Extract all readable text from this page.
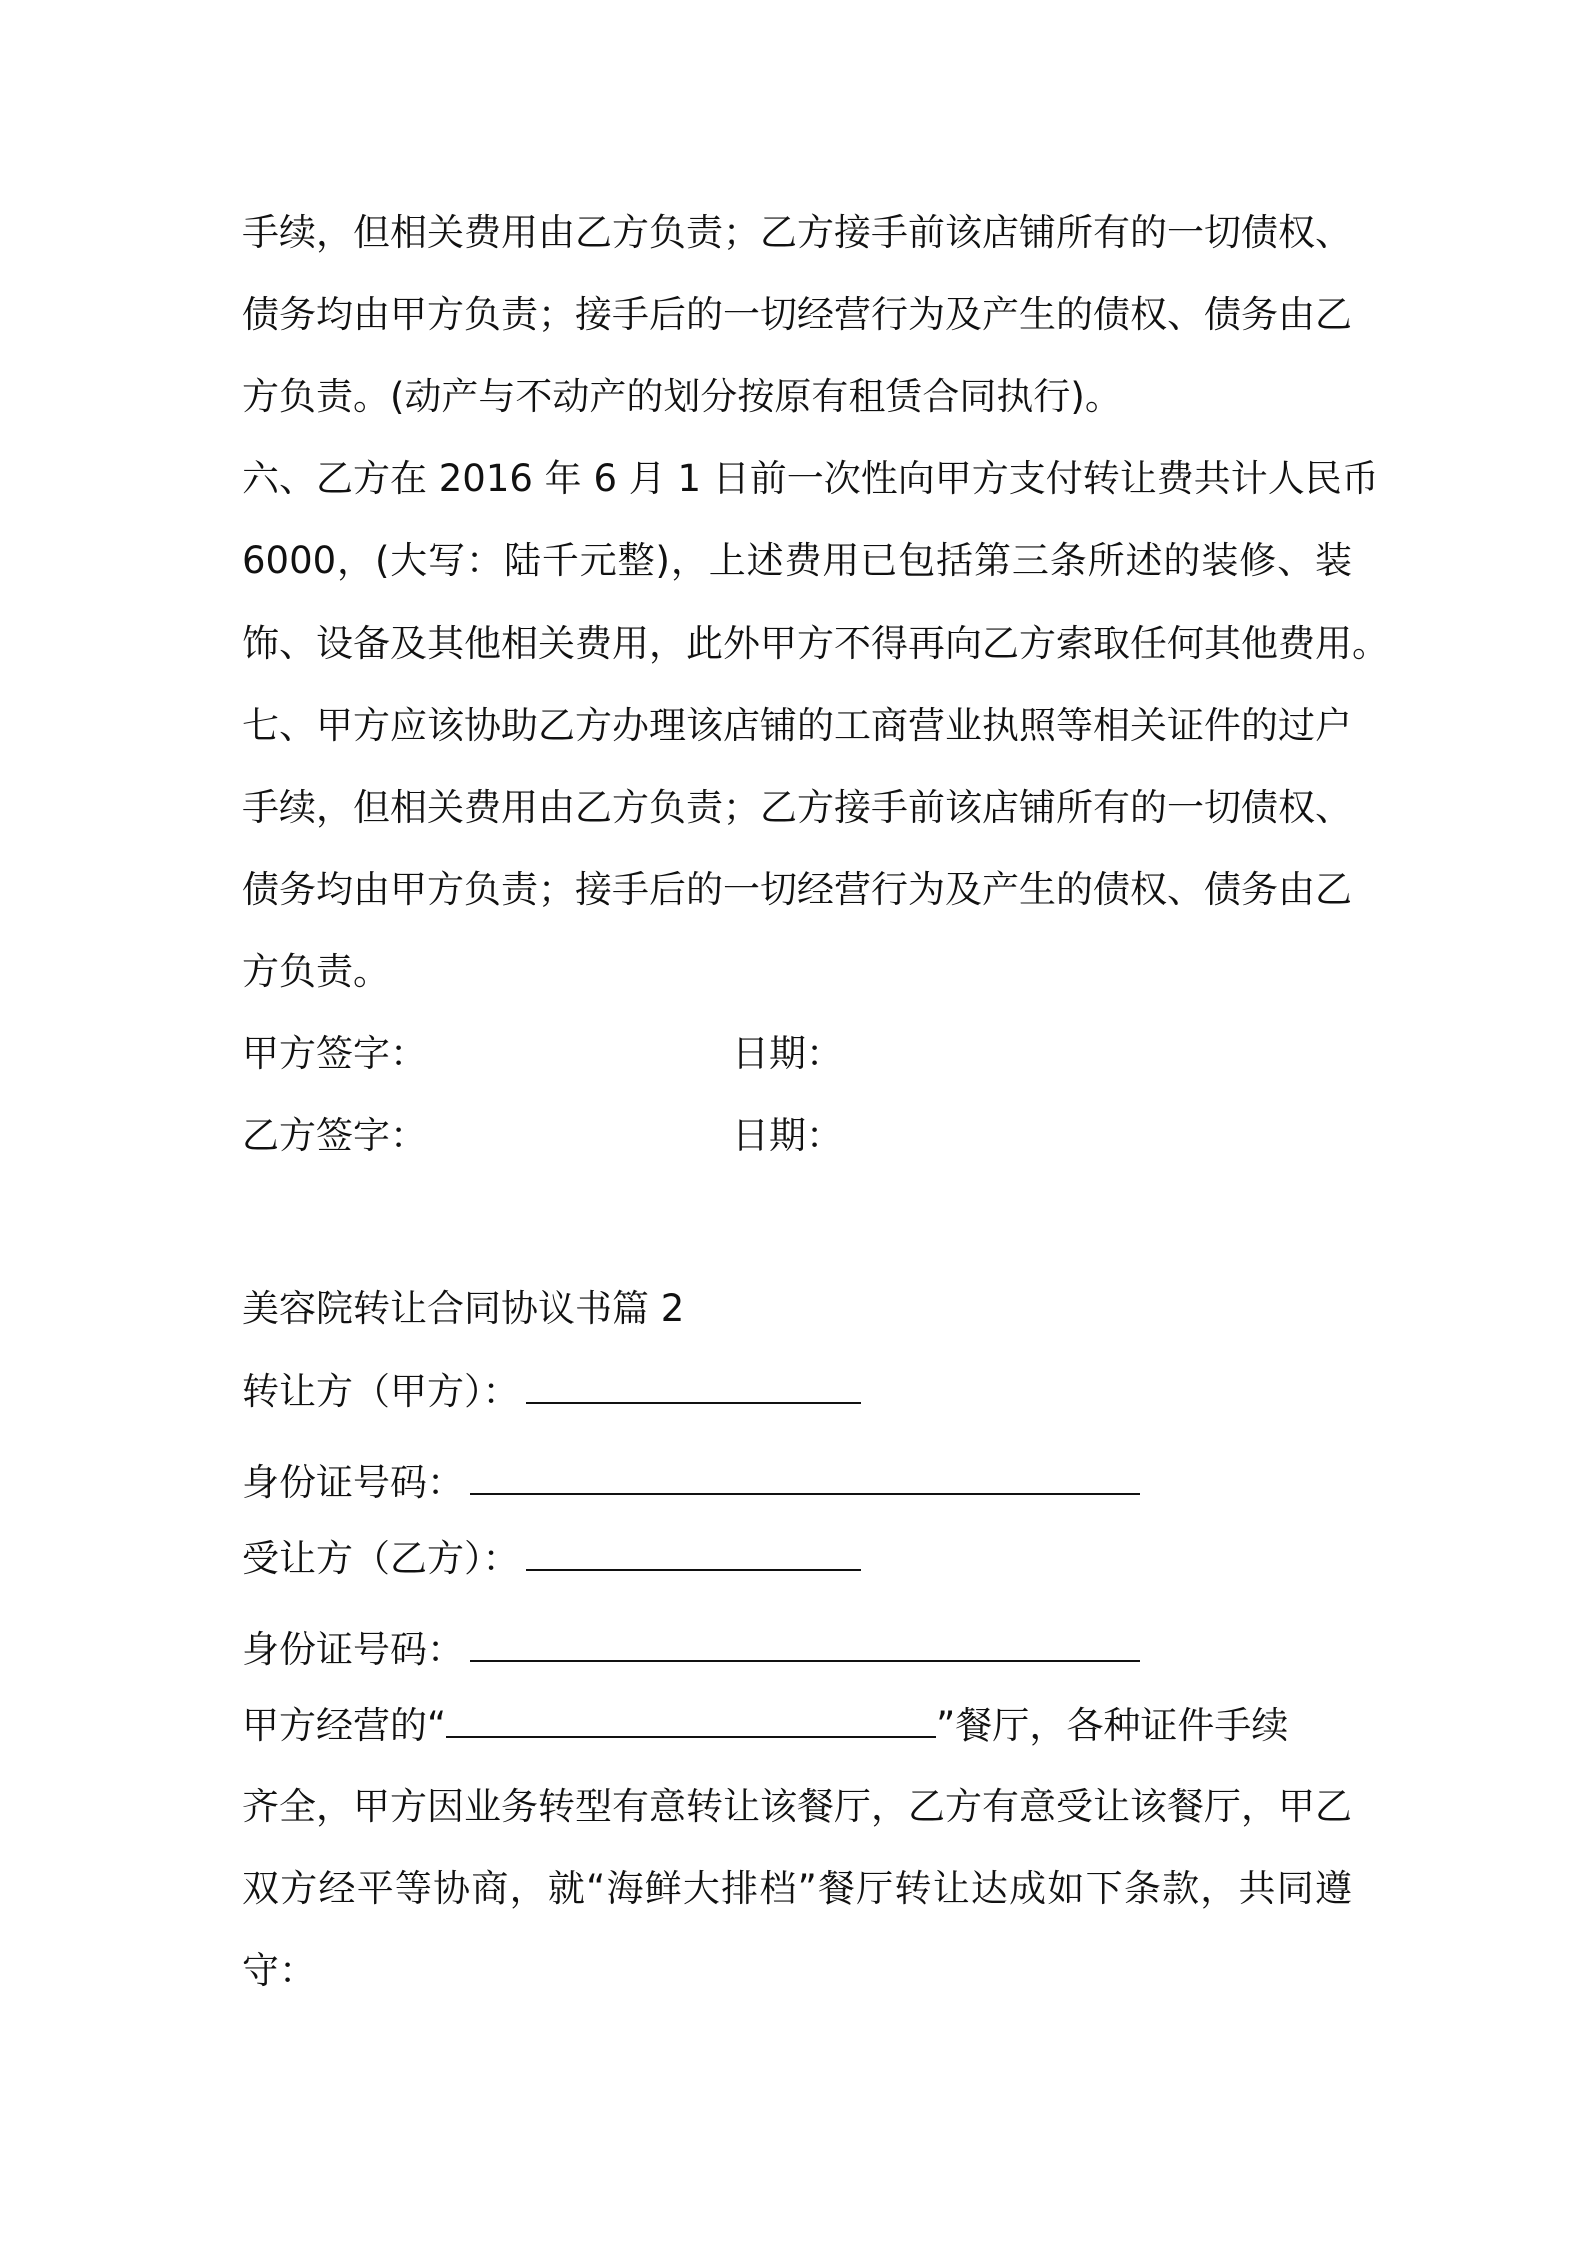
手续，但相关费用由乙方负责；乙方接手前该店铺所有的一切债权、
债务均由甲方负责；接手后的一切经营行为及产生的债权、债务由乙
方负责。(动产与不动产的划分按原有租赁合同执行)。
六、乙方在 2016 年 6 月 1 日前一次性向甲方支付转让费共计人民币
6000，(大写：陆千元整)，上述费用已包括第三条所述的装修、装
饰、设备及其他相关费用，此外甲方不得再向乙方索取任何其他费用。
七、甲方应该协助乙方办理该店铺的工商营业执照等相关证件的过户
手续，但相关费用由乙方负责；乙方接手前该店铺所有的一切债权、
债务均由甲方负责；接手后的一切经营行为及产生的债权、债务由乙
方负责。
甲方签字：	日期：
乙方签字：	日期：
美容院转让合同协议书篇 2
转让方（甲方）：
身份证号码：
受让方（乙方）：
身份证号码：
甲方经营的“	”餐厅，各种证件手续
齐全，甲方因业务转型有意转让该餐厅，乙方有意受让该餐厅，甲乙
双方经平等协商，就“海鲜大排档”餐厅转让达成如下条款，共同遵
守：
